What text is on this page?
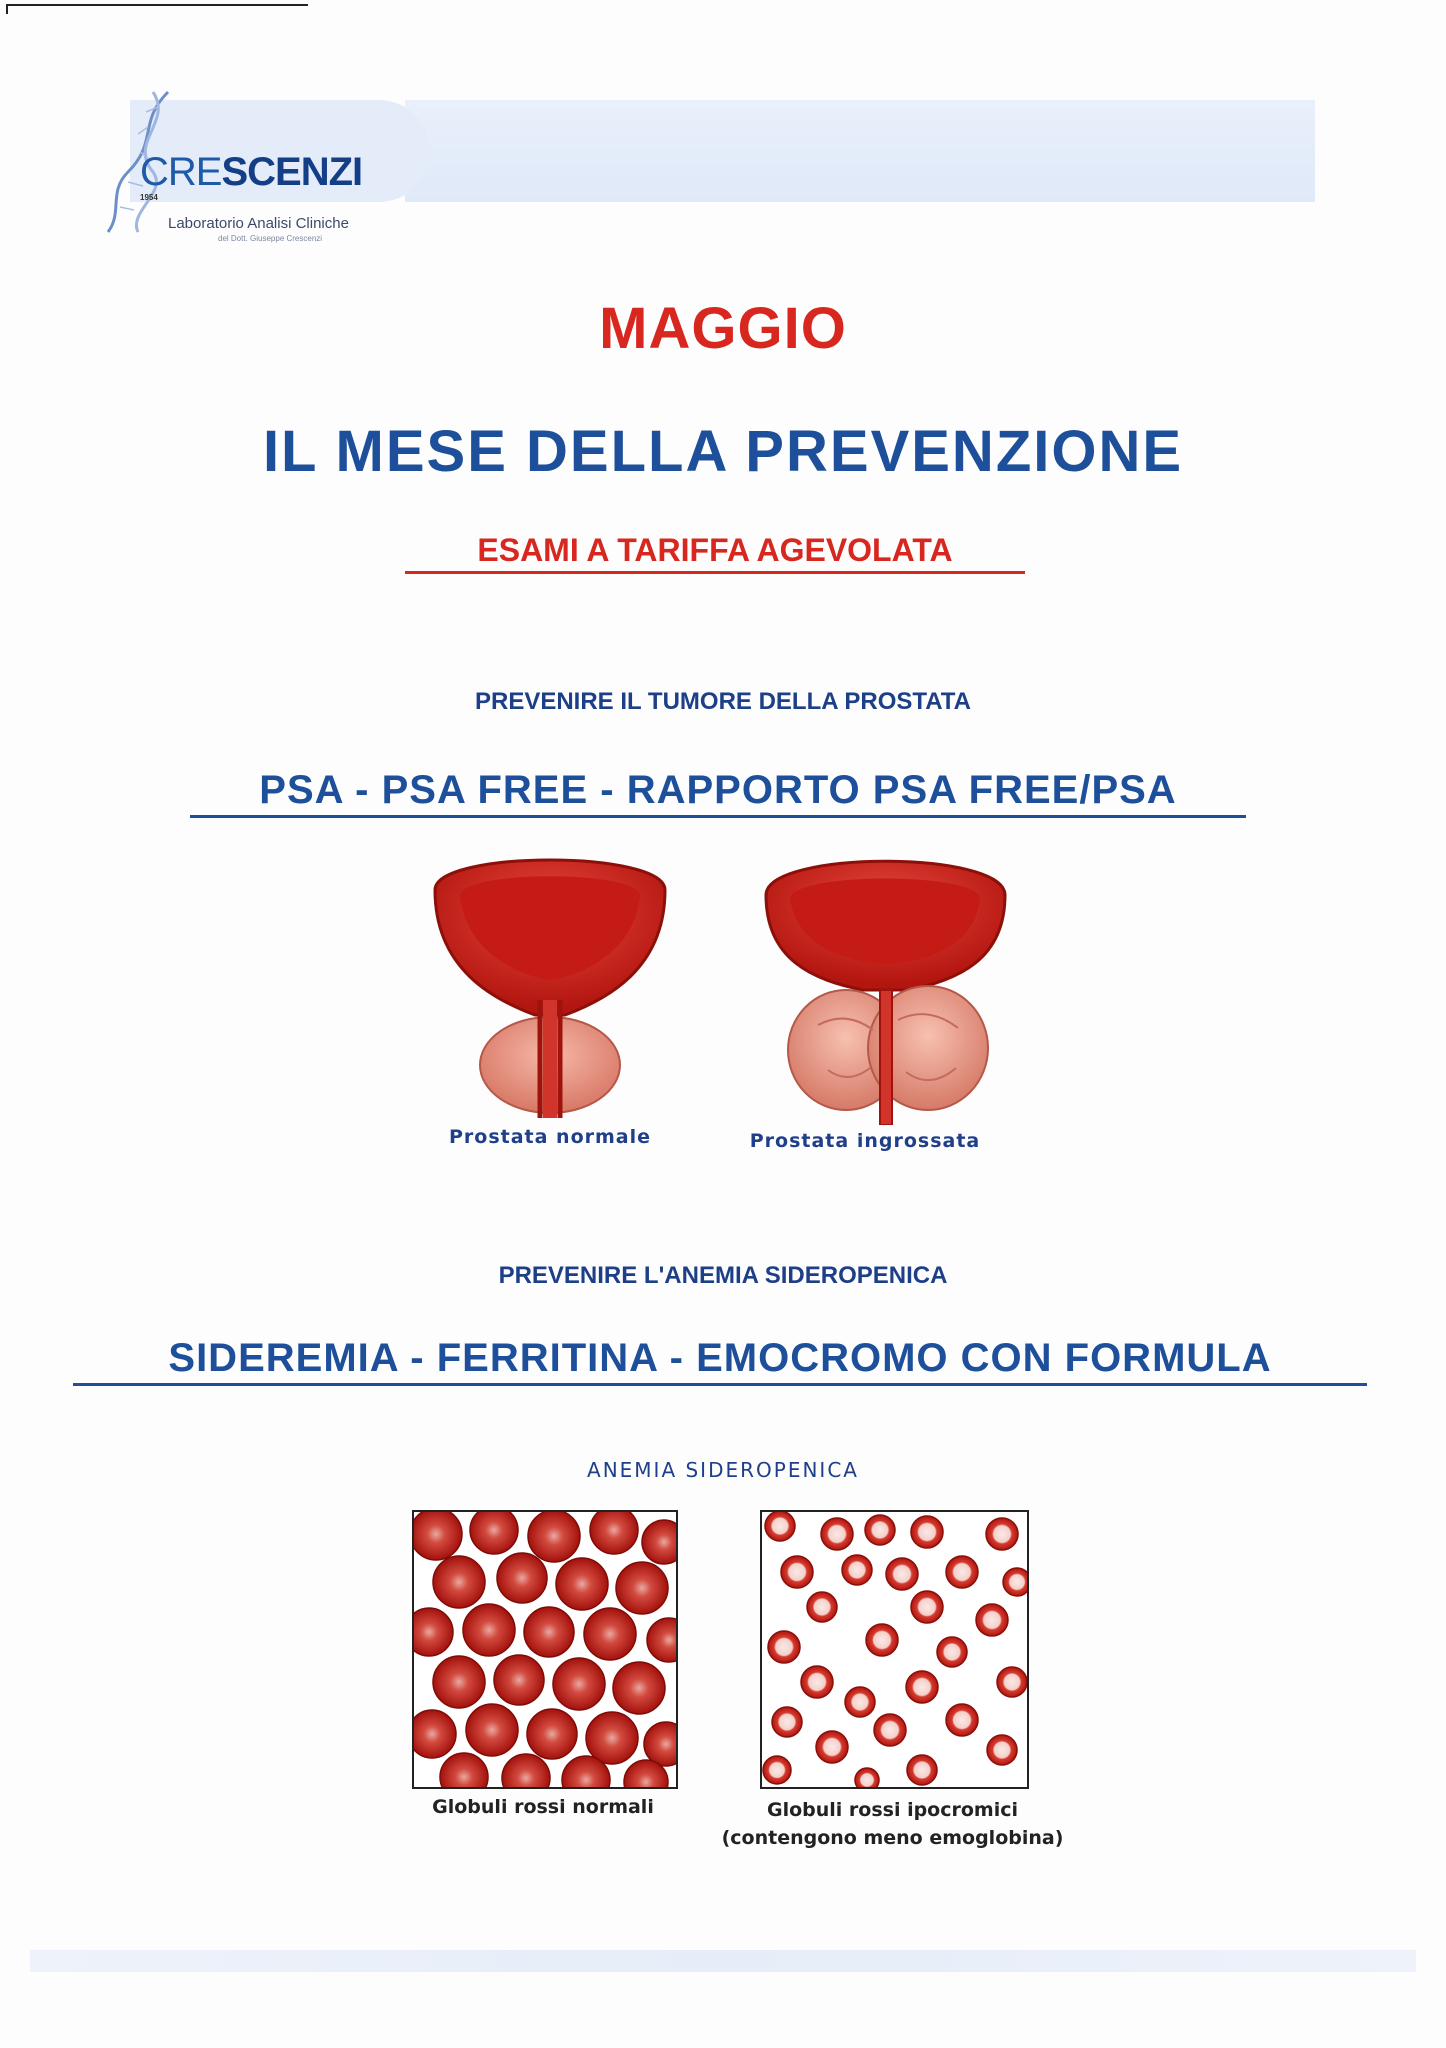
CRESCENZI
1954
Laboratorio Analisi Cliniche
del Dott. Giuseppe Crescenzi
MAGGIO
IL MESE DELLA PREVENZIONE
ESAMI A TARIFFA AGEVOLATA
PREVENIRE IL TUMORE DELLA PROSTATA
PSA - PSA FREE - RAPPORTO PSA FREE/PSA
Prostata normale	Prostata ingrossata
PREVENIRE L'ANEMIA SIDEROPENICA
SIDEREMIA - FERRITINA - EMOCROMO CON FORMULA
ANEMIA SIDEROPENICA
Globuli rossi normali	Globuli rossi ipocromici
(contengono meno emoglobina)
